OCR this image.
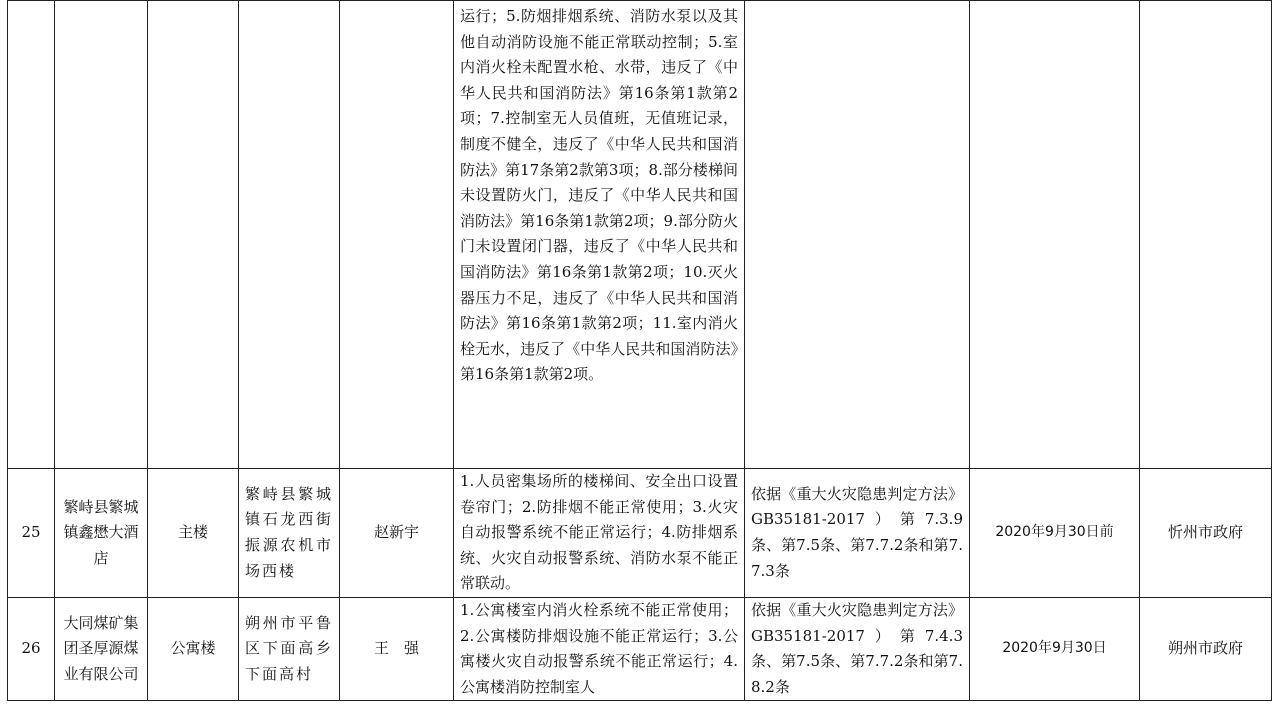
					运行；5.防烟排烟系统、消防水泵以及其他自动消防设施不能正常联动控制；5.室内消火栓未配置水枪、水带，违反了《中华人民共和国消防法》第16条第1款第2项；7.控制室无人员值班，无值班记录，制度不健全，违反了《中华人民共和国消防法》第17条第2款第3项；8.部分楼梯间未设置防火门，违反了《中华人民共和国消防法》第16条第1款第2项；9.部分防火门未设置闭门器，违反了《中华人民共和国消防法》第16条第1款第2项；10.灭火器压力不足，违反了《中华人民共和国消防法》第16条第1款第2项；11.室内消火栓无水，违反了《中华人民共和国消防法》第16条第1款第2项。			
25	繁峙县繁城镇鑫懋大酒店	主楼	繁峙县繁城镇石龙西街振源农机市场西楼	赵新宇	1.人员密集场所的楼梯间、安全出口设置卷帘门；2.防排烟不能正常使用；3.火灾自动报警系统不能正常运行；4.防排烟系统、火灾自动报警系统、消防水泵不能正常联动。	依据《重大火灾隐患判定方法》GB35181-2017）第7.3.9条、第7.5条、第7.7.2条和第7.7.3条	2020年9月30日前	忻州市政府
26	大同煤矿集团圣厚源煤业有限公司	公寓楼	朔州市平鲁区下面高乡下面高村	王　强	1.公寓楼室内消火栓系统不能正常使用；2.公寓楼防排烟设施不能正常运行；3.公寓楼火灾自动报警系统不能正常运行；4.公寓楼消防控制室人	依据《重大火灾隐患判定方法》GB35181-2017）第7.4.3条、第7.5条、第7.7.2条和第7.8.2条	2020年9月30日	朔州市政府
